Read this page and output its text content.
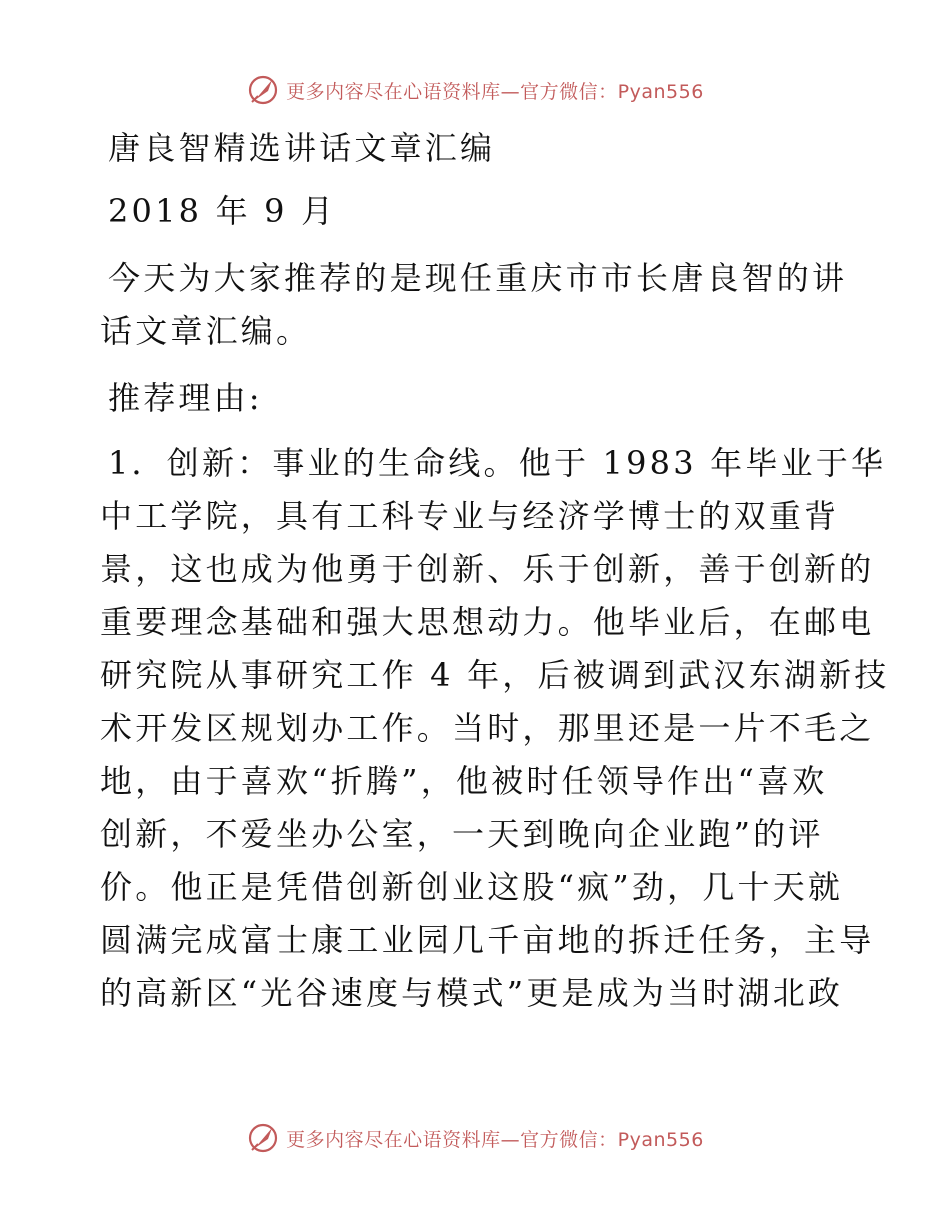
更多内容尽在心语资料库—官方微信：Pyan556

唐良智精选讲话文章汇编

2018 年 9 月

今天为大家推荐的是现任重庆市市长唐良智的讲

话文章汇编。

推荐理由:

1．创新：事业的生命线。他于 1983 年毕业于华

中工学院，具有工科专业与经济学博士的双重背

景，这也成为他勇于创新、乐于创新，善于创新的

重要理念基础和强大思想动力。他毕业后，在邮电

研究院从事研究工作 4 年，后被调到武汉东湖新技

术开发区规划办工作。当时，那里还是一片不毛之

地，由于喜欢“折腾”，他被时任领导作出“喜欢

创新，不爱坐办公室，一天到晚向企业跑”的评

价。他正是凭借创新创业这股“疯”劲，几十天就

圆满完成富士康工业园几千亩地的拆迁任务，主导

的高新区“光谷速度与模式”更是成为当时湖北政

更多内容尽在心语资料库—官方微信：Pyan556
